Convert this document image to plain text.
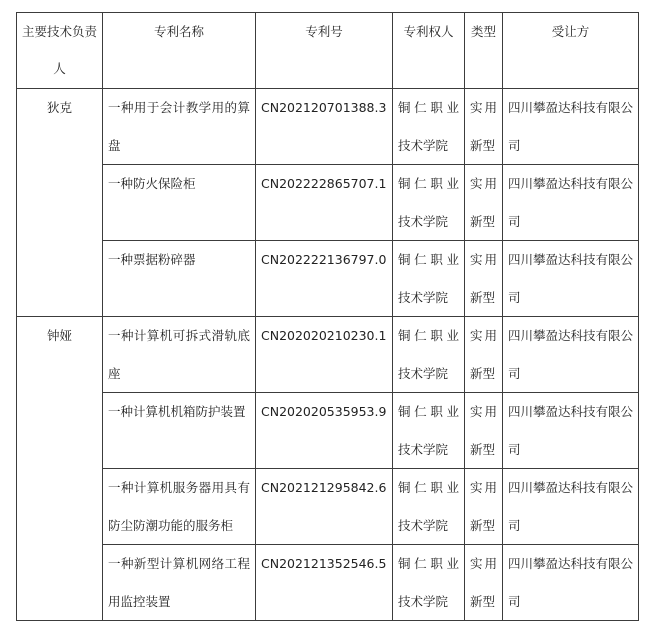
主要技术负责人	专利名称	专利号	专利权人	类型	受让方
狄克	一种用于会计教学用的算盘	CN202120701388.3	铜仁职业技术学院	实用新型	四川攀盈达科技有限公司
	一种防火保险柜	CN202222865707.1	铜仁职业技术学院	实用新型	四川攀盈达科技有限公司
	一种票据粉碎器	CN202222136797.0	铜仁职业技术学院	实用新型	四川攀盈达科技有限公司
钟娅	一种计算机可拆式滑轨底座	CN202020210230.1	铜仁职业技术学院	实用新型	四川攀盈达科技有限公司
	一种计算机机箱防护装置	CN202020535953.9	铜仁职业技术学院	实用新型	四川攀盈达科技有限公司
	一种计算机服务器用具有防尘防潮功能的服务柜	CN202121295842.6	铜仁职业技术学院	实用新型	四川攀盈达科技有限公司
	一种新型计算机网络工程用监控装置	CN202121352546.5	铜仁职业技术学院	实用新型	四川攀盈达科技有限公司
